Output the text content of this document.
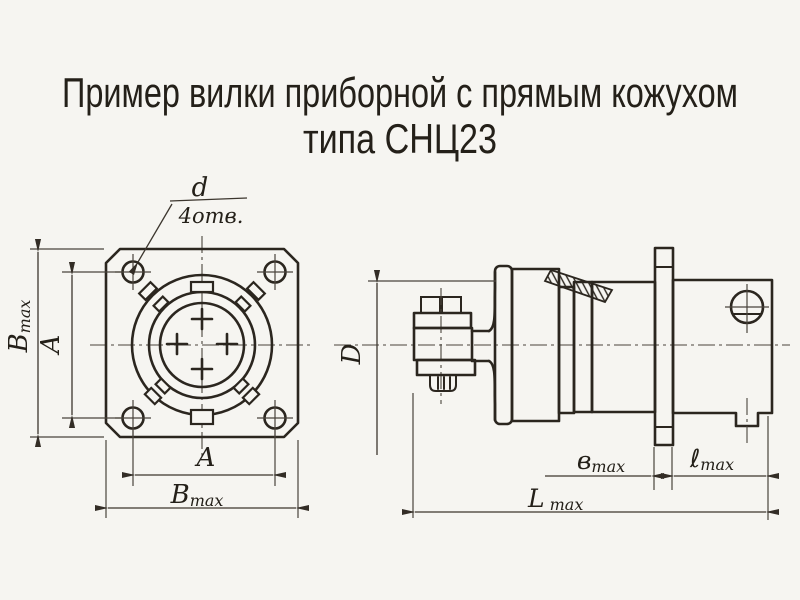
Пример вилки приборной с прямым кожухом
типа СНЦ23
d
4отв.
Вmax
А
А
Вmax
D
вmax	ℓmax
Lmax
